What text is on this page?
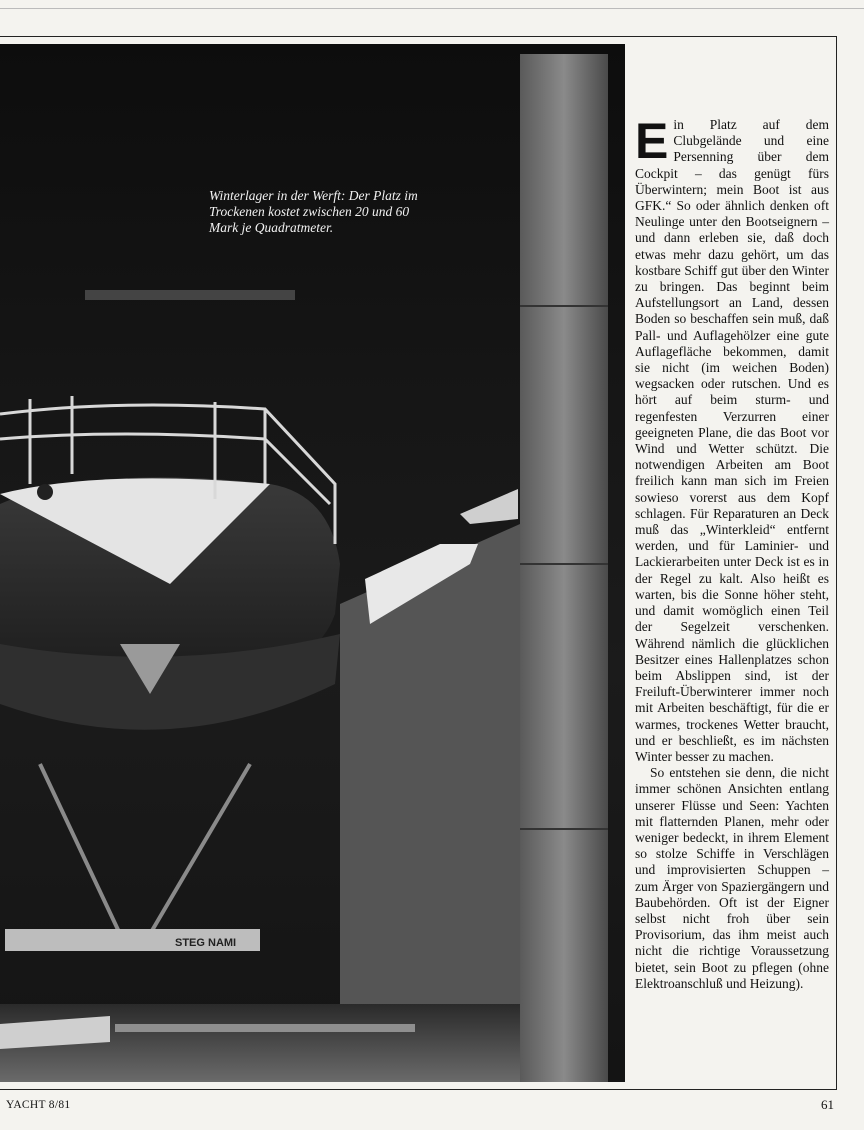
STEG NAMI
Winterlager in der Werft: Der Platz im Trockenen kostet zwischen 20 und 60 Mark je Quadratmeter.

Ein Platz auf dem Clubgelände und eine Persenning über dem Cockpit – das genügt fürs Überwintern; mein Boot ist aus GFK.“ So oder ähnlich denken oft Neulinge unter den Bootseignern – und dann erleben sie, daß doch etwas mehr dazu gehört, um das kostbare Schiff gut über den Winter zu bringen. Das beginnt beim Aufstellungsort an Land, dessen Boden so beschaffen sein muß, daß Pall- und Auflagehölzer eine gute Auflagefläche bekommen, damit sie nicht (im weichen Boden) wegsacken oder rutschen. Und es hört auf beim sturm- und regenfesten Verzurren einer geeigneten Plane, die das Boot vor Wind und Wetter schützt. Die notwendigen Arbeiten am Boot freilich kann man sich im Freien sowieso vorerst aus dem Kopf schlagen. Für Reparaturen an Deck muß das „Winterkleid“ entfernt werden, und für Laminier- und Lackierarbeiten unter Deck ist es in der Regel zu kalt. Also heißt es warten, bis die Sonne höher steht, und damit womöglich einen Teil der Segelzeit verschenken. Während nämlich die glücklichen Besitzer eines Hallenplatzes schon beim Abslippen sind, ist der Freiluft-Überwinterer immer noch mit Arbeiten beschäftigt, für die er warmes, trockenes Wetter braucht, und er beschließt, es im nächsten Winter besser zu machen.

So entstehen sie denn, die nicht immer schönen Ansichten entlang unserer Flüsse und Seen: Yachten mit flatternden Planen, mehr oder weniger bedeckt, in ihrem Element so stolze Schiffe in Verschlägen und improvisierten Schuppen – zum Ärger von Spaziergängern und Baubehörden. Oft ist der Eigner selbst nicht froh über sein Provisorium, das ihm meist auch nicht die richtige Voraussetzung bietet, sein Boot zu pflegen (ohne Elektroanschluß und Heizung).

YACHT 8/81	61
